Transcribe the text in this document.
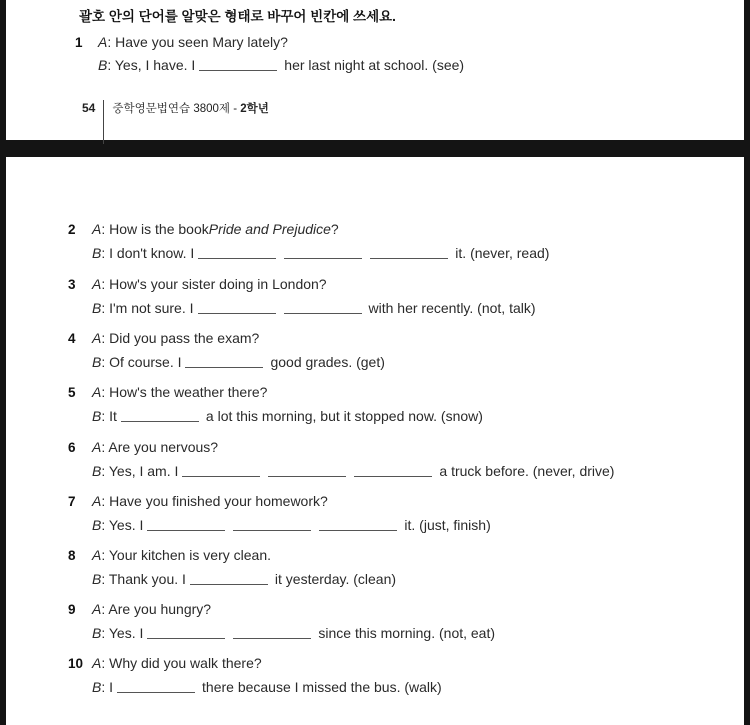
괄호 안의 단어를 알맞은 형태로 바꾸어 빈칸에 쓰세요.
1 A : Have you seen Mary lately?
B : Yes, I have. I	her last night at school. (see)
54 중학영문법연습 3800제 -
2학년
2 A : How is the book Pride and Prejudice ?
B : I don't know. I	it. (never, read)
3 A : How's your sister doing in London?
B : I'm not sure. I	with her recently. (not, talk)
4 A : Did you pass the exam?
B : Of course. I	good grades. (get)
5 A : How's the weather there?
B : It	a lot this morning, but it stopped now. (snow)
6 A : Are you nervous?
B : Yes, I am. I	a truck before. (never, drive)
7 A : Have you finished your homework?
B : Yes. I	it. (just, finish)
8 A : Your kitchen is very clean.
B : Thank you. I	it yesterday. (clean)
9 A : Are you hungry?
B : Yes. I	since this morning. (not, eat)
10 A : Why did you walk there?
B : I	there because I missed the bus. (walk)
